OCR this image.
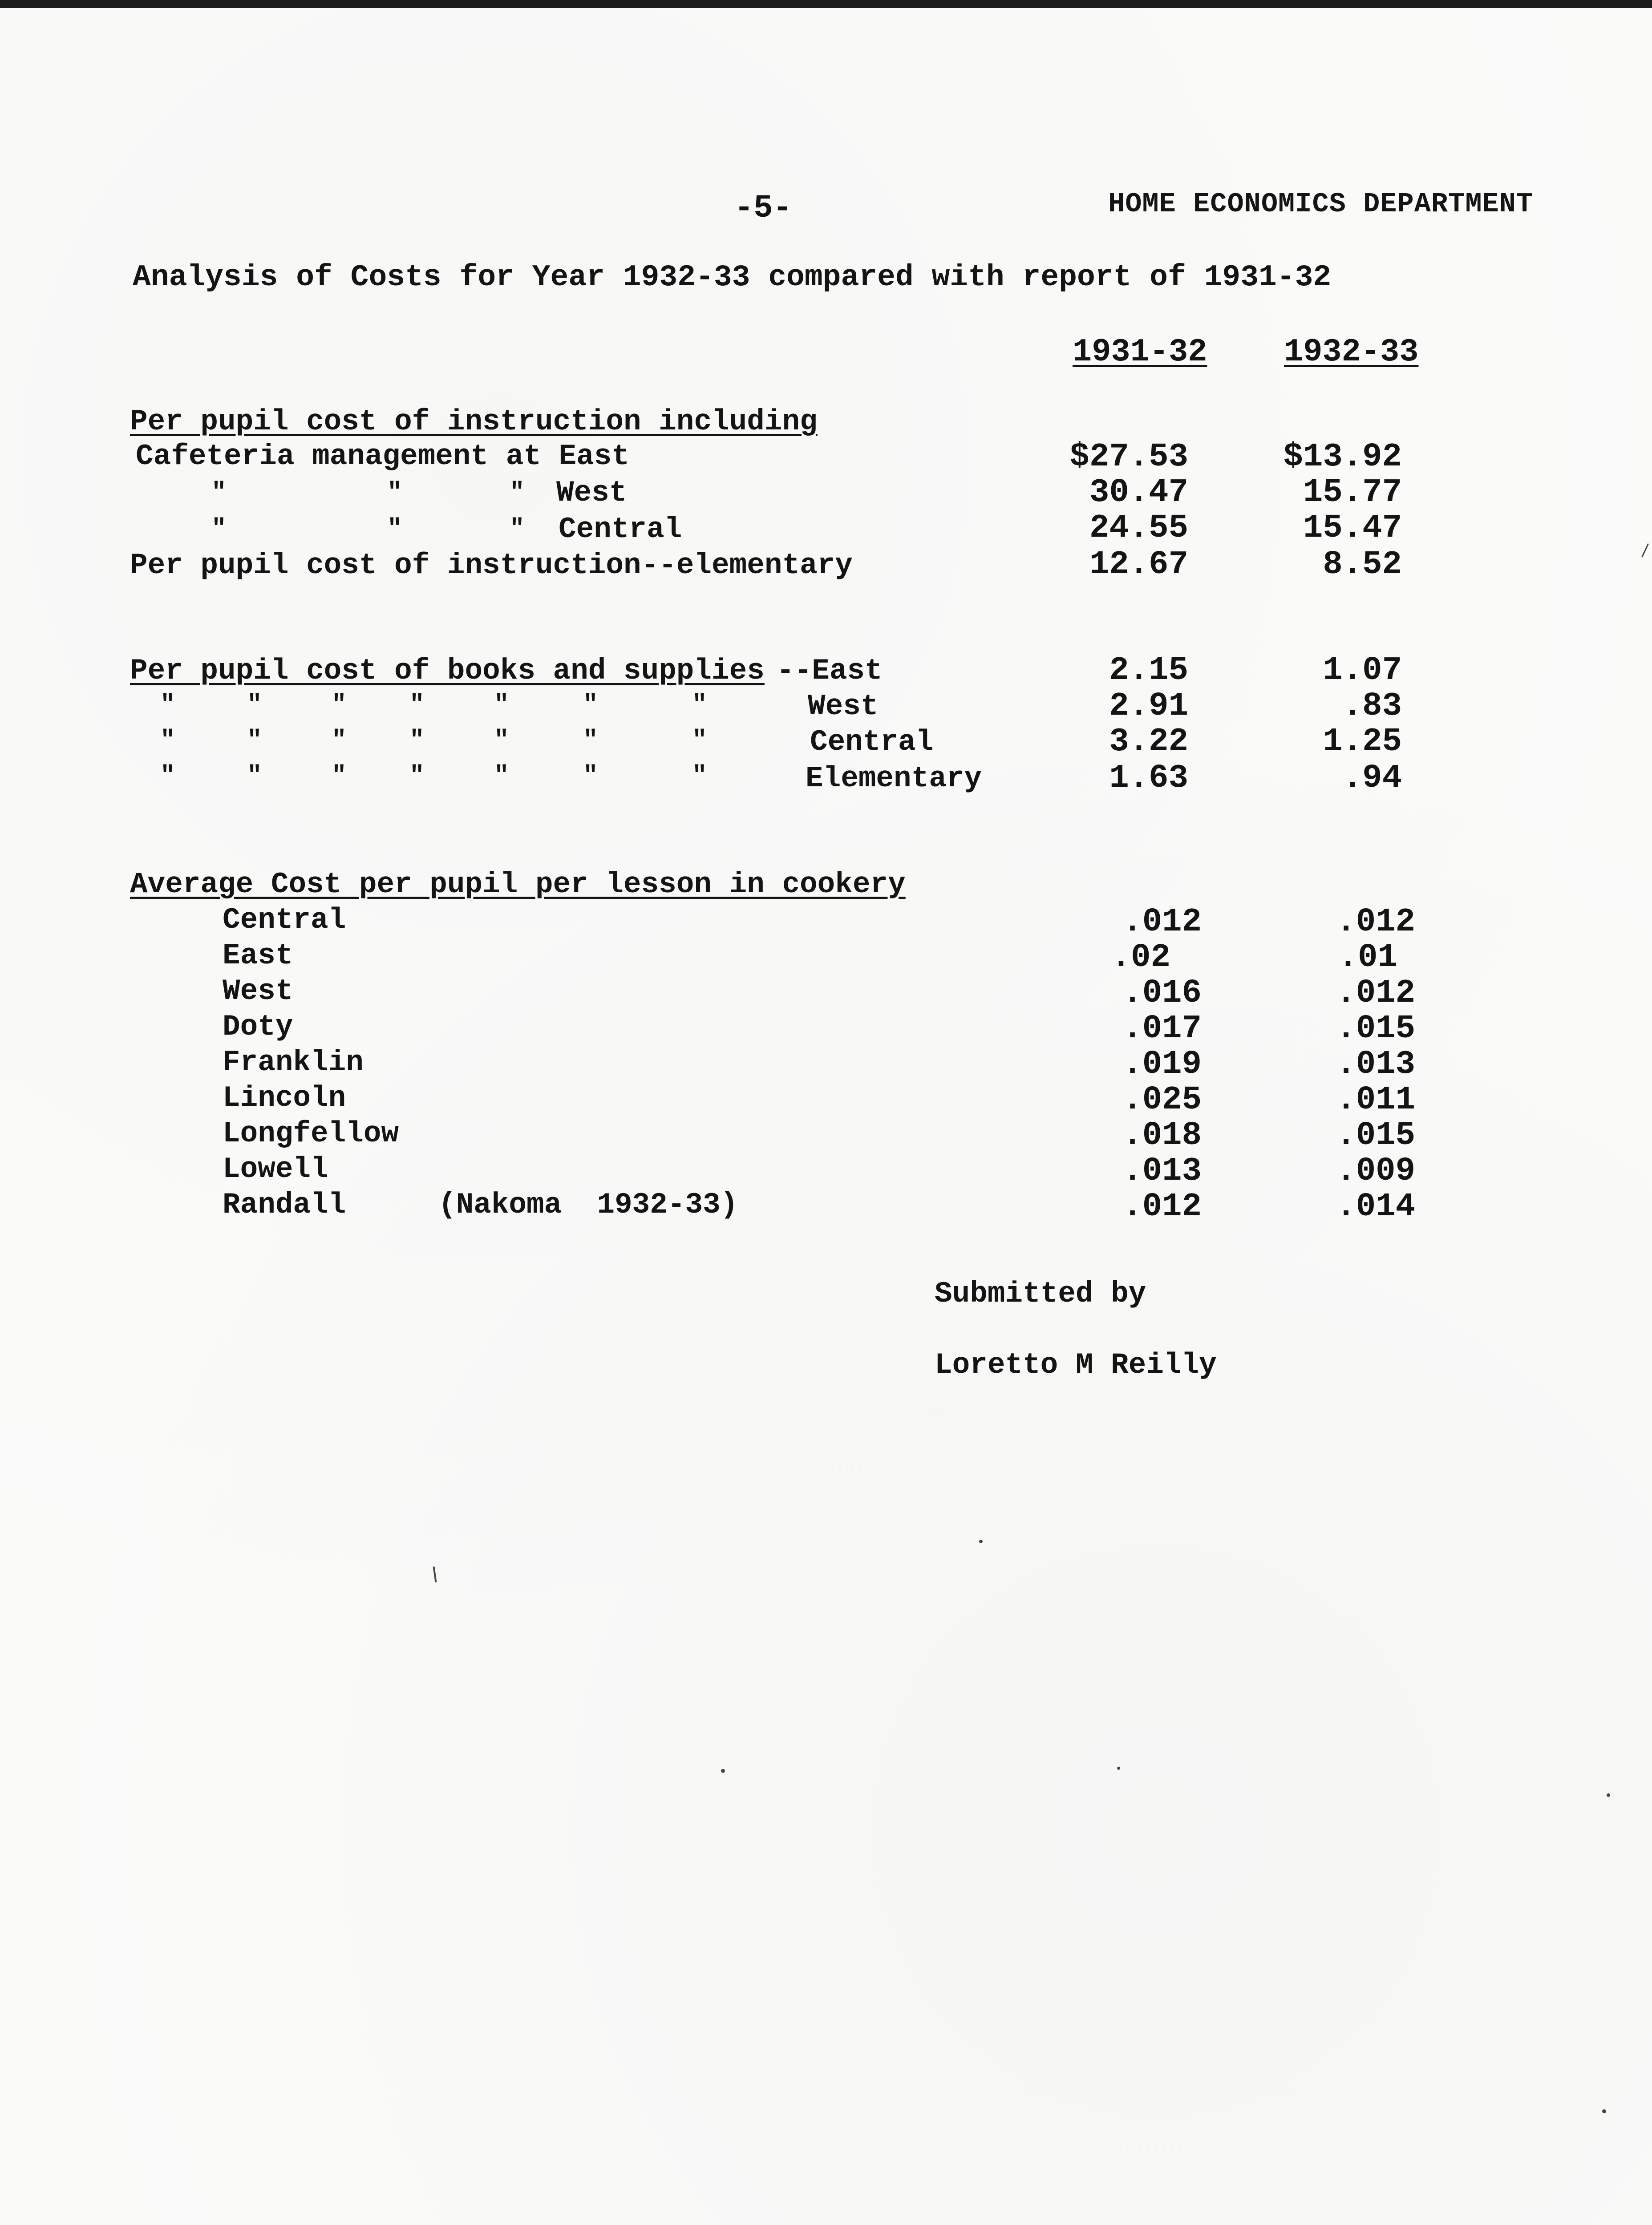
-5-	HOME ECONOMICS DEPARTMENT
Analysis of Costs for Year 1932-33 compared with report of 1931-32
1931-32 1932-33
Per pupil cost of instruction including
Cafeteria management at East	$27.53	$13.92
"	"	" West	30.47	15.77
"	"	" Central	24.55	15.47
Per pupil cost of instruction--elementary	12.67	8.52
Per pupil cost of books and supplies --East	2.15	1.07
"	"	"	"	"	"	"	West	2.91	.83
"	"	"	"	"	"	"	Central	3.22	1.25
"	"	"	"	"	"	"	Elementary	1.63	.94
Average Cost per pupil per lesson in cookery
Central	.012	.012
East	.02	.01
West	.016	.012
Doty	.017	.015
Franklin	.019	.013
Lincoln	.025	.011
Longfellow	.018	.015
Lowell	.013	.009
Randall	(Nakoma  1932-33)	.012	.014
Submitted by
Loretto M Reilly
